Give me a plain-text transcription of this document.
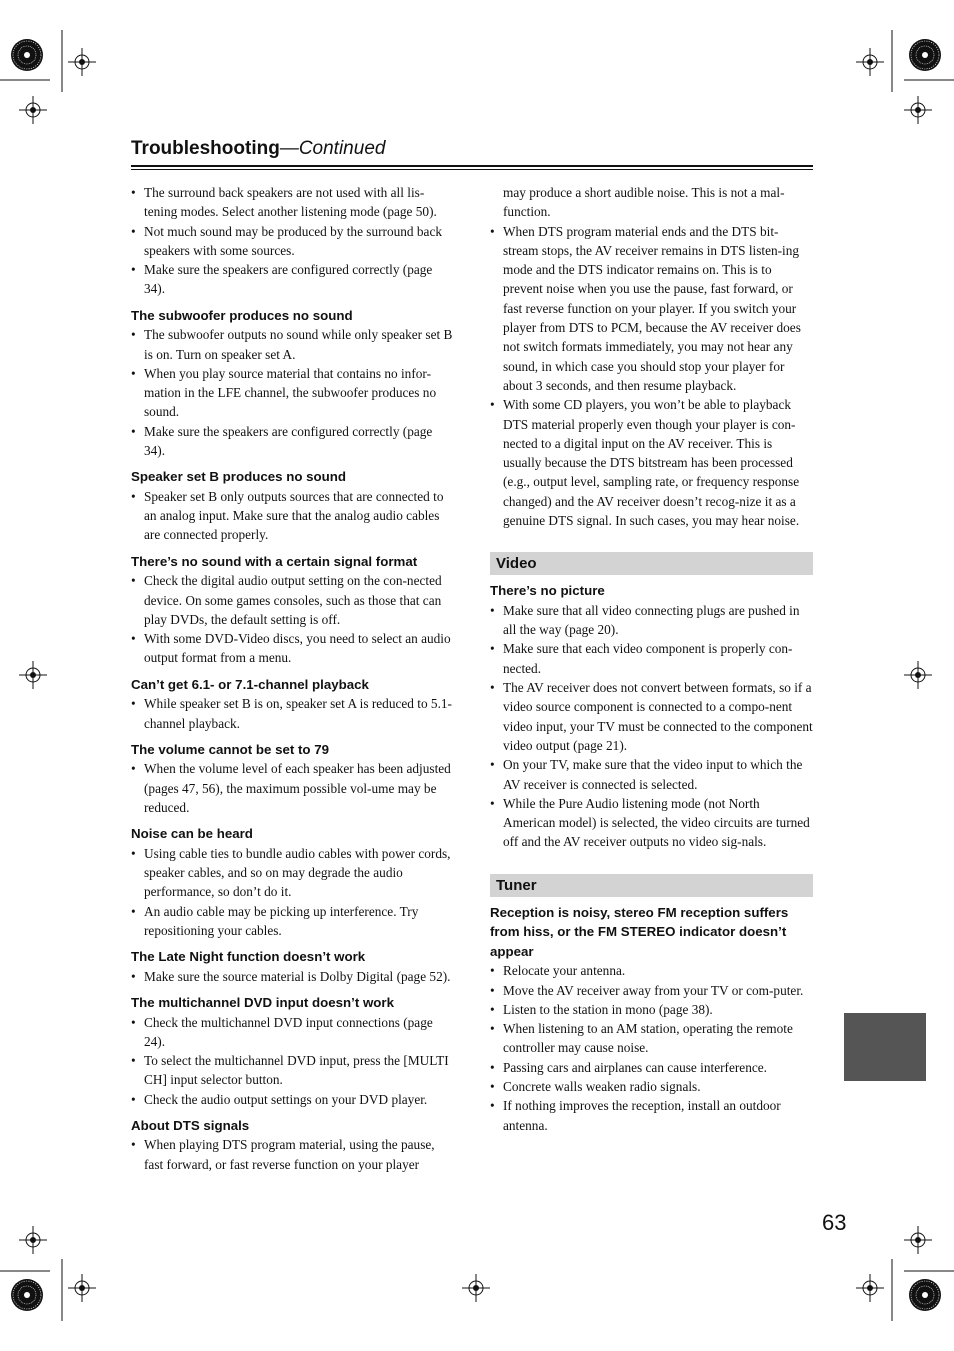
Troubleshooting—Continued
• The surround back speakers are not used with all lis-tening modes. Select another listening mode (page 50).
• Not much sound may be produced by the surround back speakers with some sources.
• Make sure the speakers are configured correctly (page 34).
The subwoofer produces no sound
• The subwoofer outputs no sound while only speaker set B is on. Turn on speaker set A.
• When you play source material that contains no infor-mation in the LFE channel, the subwoofer produces no sound.
• Make sure the speakers are configured correctly (page 34).
Speaker set B produces no sound
• Speaker set B only outputs sources that are connected to an analog input. Make sure that the analog audio cables are connected properly.
There’s no sound with a certain signal format
• Check the digital audio output setting on the con-nected device. On some games consoles, such as those that can play DVDs, the default setting is off.
• With some DVD-Video discs, you need to select an audio output format from a menu.
Can’t get 6.1- or 7.1-channel playback
• While speaker set B is on, speaker set A is reduced to 5.1-channel playback.
The volume cannot be set to 79
• When the volume level of each speaker has been adjusted (pages 47, 56), the maximum possible vol-ume may be reduced.
Noise can be heard
• Using cable ties to bundle audio cables with power cords, speaker cables, and so on may degrade the audio performance, so don’t do it.
• An audio cable may be picking up interference. Try repositioning your cables.
The Late Night function doesn’t work
• Make sure the source material is Dolby Digital (page 52).
The multichannel DVD input doesn’t work
• Check the multichannel DVD input connections (page 24).
• To select the multichannel DVD input, press the [MULTI CH] input selector button.
• Check the audio output settings on your DVD player.
About DTS signals
• When playing DTS program material, using the pause, fast forward, or fast reverse function on your player
may produce a short audible noise. This is not a mal-function.
• When DTS program material ends and the DTS bit-stream stops, the AV receiver remains in DTS listen-ing mode and the DTS indicator remains on. This is to prevent noise when you use the pause, fast forward, or fast reverse function on your player. If you switch your player from DTS to PCM, because the AV receiver does not switch formats immediately, you may not hear any sound, in which case you should stop your player for about 3 seconds, and then resume playback.
• With some CD players, you won’t be able to playback DTS material properly even though your player is con-nected to a digital input on the AV receiver. This is usually because the DTS bitstream has been processed (e.g., output level, sampling rate, or frequency response changed) and the AV receiver doesn’t recog-nize it as a genuine DTS signal. In such cases, you may hear noise.
Video
There’s no picture
• Make sure that all video connecting plugs are pushed in all the way (page 20).
• Make sure that each video component is properly con-nected.
• The AV receiver does not convert between formats, so if a video source component is connected to a compo-nent video input, your TV must be connected to the component video output (page 21).
• On your TV, make sure that the video input to which the AV receiver is connected is selected.
• While the Pure Audio listening mode (not North American model) is selected, the video circuits are turned off and the AV receiver outputs no video sig-nals.
Tuner
Reception is noisy, stereo FM reception suffers from hiss, or the FM STEREO indicator doesn’t appear
• Relocate your antenna.
• Move the AV receiver away from your TV or com-puter.
• Listen to the station in mono (page 38).
• When listening to an AM station, operating the remote controller may cause noise.
• Passing cars and airplanes can cause interference.
• Concrete walls weaken radio signals.
• If nothing improves the reception, install an outdoor antenna.
63
